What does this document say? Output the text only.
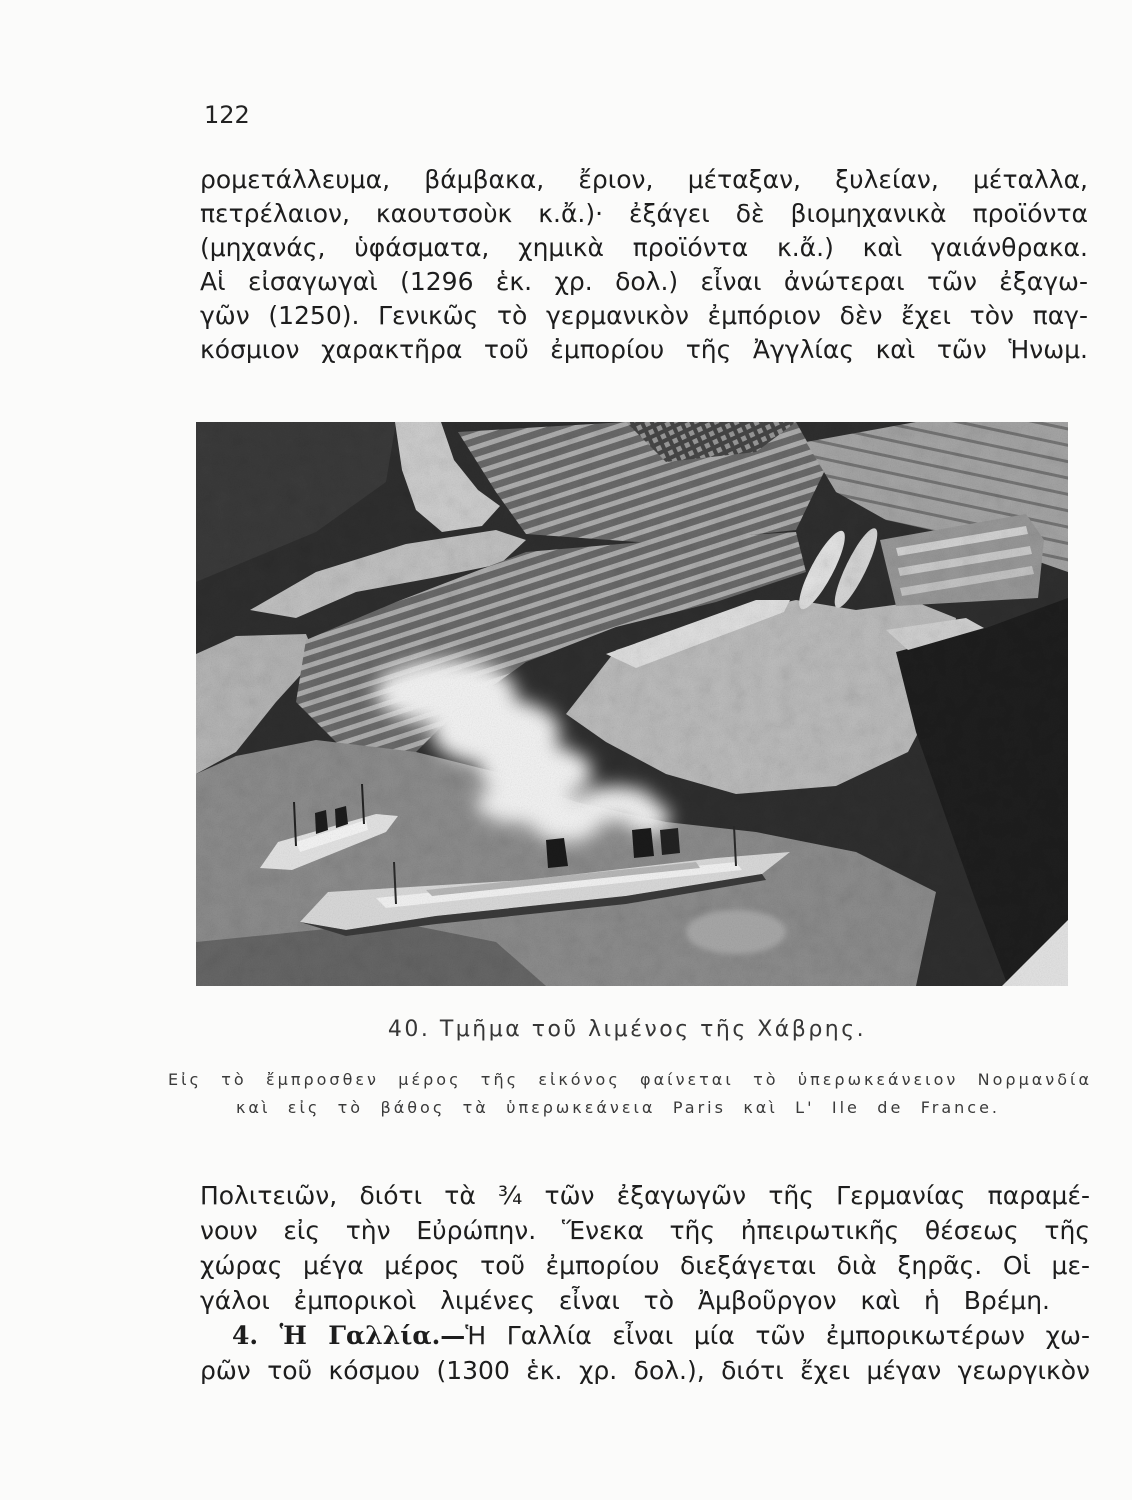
122
ρομετάλλευμα, βάμβακα, ἔριον, μέταξαν, ξυλείαν, μέταλλα,
πετρέλαιον, καουτσοὺκ κ.ἄ.)· ἐξάγει δὲ βιομηχανικὰ προϊόντα
(μηχανάς, ὑφάσματα, χημικὰ προϊόντα κ.ἄ.) καὶ γαιάνθρακα.
Αἱ εἰσαγωγαὶ (1296 ἑκ. χρ. δολ.) εἶναι ἀνώτεραι τῶν ἐξαγω-
γῶν (1250). Γενικῶς τὸ γερμανικὸν ἐμπόριον δὲν ἔχει τὸν παγ-
κόσμιον χαρακτῆρα τοῦ ἐμπορίου τῆς Ἀγγλίας καὶ τῶν Ἡνωμ.
40. Τμῆμα τοῦ λιμένος τῆς Χάβρης.
Εἰς τὸ ἔμπροσθεν μέρος τῆς εἰκόνος φαίνεται τὸ ὑπερωκεάνειον Νορμανδία
καὶ εἰς τὸ βάθος τὰ ὑπερωκεάνεια Paris καὶ L' Ile de France.
Πολιτειῶν, διότι τὰ ³⁄₄ τῶν ἐξαγωγῶν τῆς Γερμανίας παραμέ-
νουν εἰς τὴν Εὐρώπην. Ἕνεκα τῆς ἠπειρωτικῆς θέσεως τῆς
χώρας μέγα μέρος τοῦ ἐμπορίου διεξάγεται διὰ ξηρᾶς. Οἱ με-
γάλοι ἐμπορικοὶ λιμένες εἶναι τὸ Ἀμβοῦργον καὶ ἡ Βρέμη.
4. Ἡ Γαλλία.—Ἡ Γαλλία εἶναι μία τῶν ἐμπορικωτέρων χω-
ρῶν τοῦ κόσμου (1300 ἑκ. χρ. δολ.), διότι ἔχει μέγαν γεωργικὸν
